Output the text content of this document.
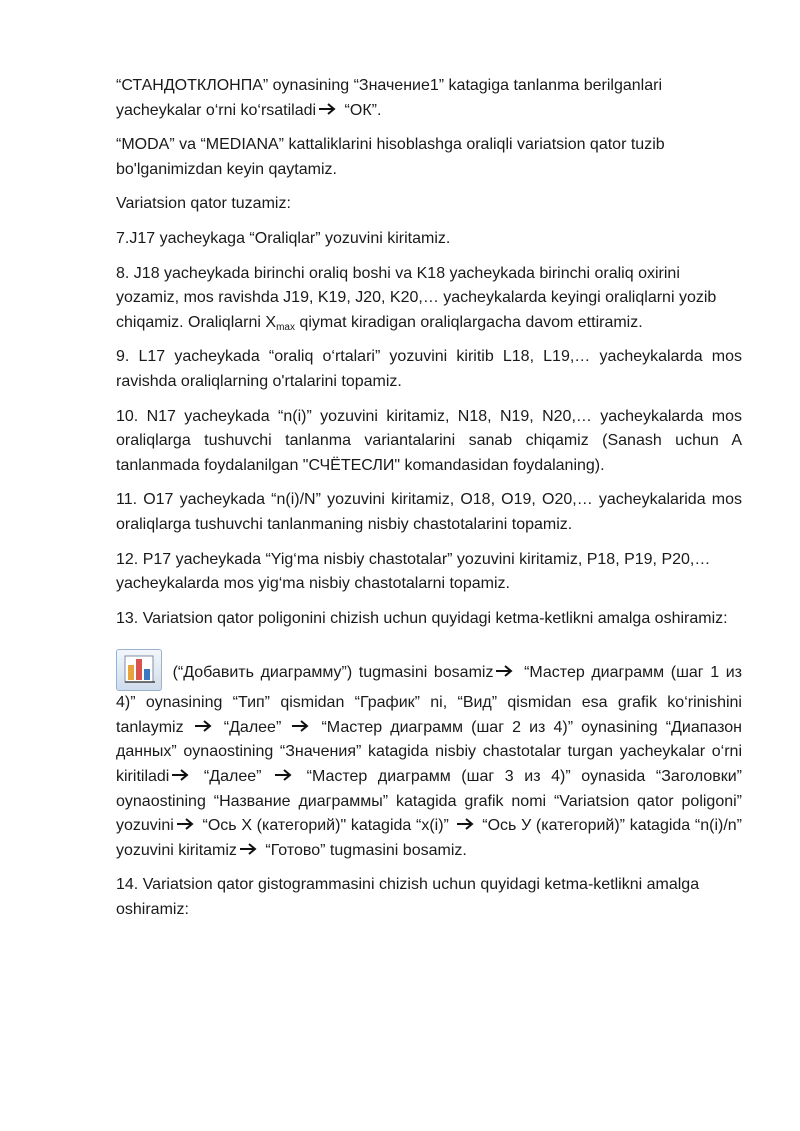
“СТАНДОТКЛОНПА” oynasining “Значение1” katagiga tanlanma berilganlari yacheykalar o‘rni ko‘rsatiladi “ОК”.

“MODA” va “MEDIANA” kattaliklarini hisoblashga oraliqli variatsion qator tuzib bo'lganimizdan keyin qaytamiz.

Variatsion qator tuzamiz:

7.J17 yacheykaga “Oraliqlar” yozuvini kiritamiz.

8. J18 yacheykada birinchi oraliq boshi va K18 yacheykada birinchi oraliq oxirini yozamiz, mos ravishda J19, K19, J20, K20,… yacheykalarda keyingi oraliqlarni yozib chiqamiz. Oraliqlarni $X_{max}$ qiymat kiradigan oraliqlargacha davom ettiramiz.

9. L17 yacheykada “oraliq o‘rtalari” yozuvini kiritib L18, L19,… yacheykalarda mos ravishda oraliqlarning o'rtalarini topamiz.

10. N17 yacheykada “n(i)” yozuvini kiritamiz, N18, N19, N20,… yacheykalarda mos oraliqlarga tushuvchi tanlanma variantalarini sanab chiqamiz (Sanash uchun A tanlanmada foydalanilgan "СЧЁТЕСЛИ" komandasidan foydalaning).

11. O17 yacheykada “n(i)/N” yozuvini kiritamiz, O18, O19, O20,… yacheykalarida mos oraliqlarga tushuvchi tanlanmaning nisbiy chastotalarini topamiz.

12. P17 yacheykada “Yig‘ma nisbiy chastotalar” yozuvini kiritamiz, P18, P19, P20,… yacheykalarda mos yig‘ma nisbiy chastotalarni topamiz.

13. Variatsion qator poligonini chizish uchun quyidagi ketma-ketlikni amalga oshiramiz:

(“Добавить диаграмму”) tugmasini bosamiz “Мастер диаграмм (шаг 1 из 4)” oynasining “Тип” qismidan “График” ni, “Вид” qismidan esa grafik ko‘rinishini tanlaymiz  “Далее”  “Мастер диаграмм (шаг 2 из 4)” oynasining “Диапазон данных” oynaostining “Значения” katagida nisbiy chastotalar turgan yacheykalar o‘rni kiritiladi “Далее”  “Мастер диаграмм (шаг 3 из 4)” oynasida “Заголовки” oynaostining “Название диаграммы” katagida grafik nomi “Variatsion qator poligoni” yozuvini “Ось X (категорий)" katagida “x(i)”  “Ось У (категорий)” katagida “n(i)/n” yozuvini kiritamiz “Готово” tugmasini bosamiz.

14. Variatsion qator gistogrammasini chizish uchun quyidagi ketma-ketlikni amalga oshiramiz:
